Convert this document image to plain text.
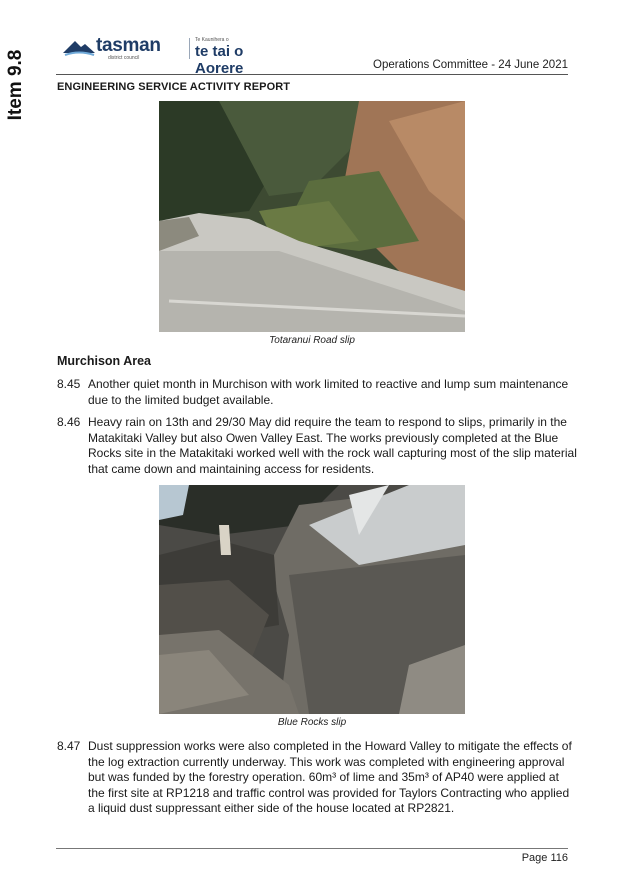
Item 9.8
tasman
district council
Te Kaunihera o
te tai o Aorere	Operations Committee - 24 June 2021
ENGINEERING SERVICE ACTIVITY REPORT
Totaranui Road slip
Murchison Area
8.45 Another quiet month in Murchison with work limited to reactive and lump sum maintenance due to the limited budget available.
8.46 Heavy rain on 13th and 29/30 May did require the team to respond to slips, primarily in the Matakitaki Valley but also Owen Valley East. The works previously completed at the Blue Rocks site in the Matakitaki worked well with the rock wall capturing most of the slip material that came down and maintaining access for residents.
Blue Rocks slip
8.47 Dust suppression works were also completed in the Howard Valley to mitigate the effects of the log extraction currently underway. This work was completed with engineering approval but was funded by the forestry operation. 60m³ of lime and 35m³ of AP40 were applied at the first site at RP1218 and traffic control was provided for Taylors Contracting who applied a liquid dust suppressant either side of the house located at RP2821.
Page 116
